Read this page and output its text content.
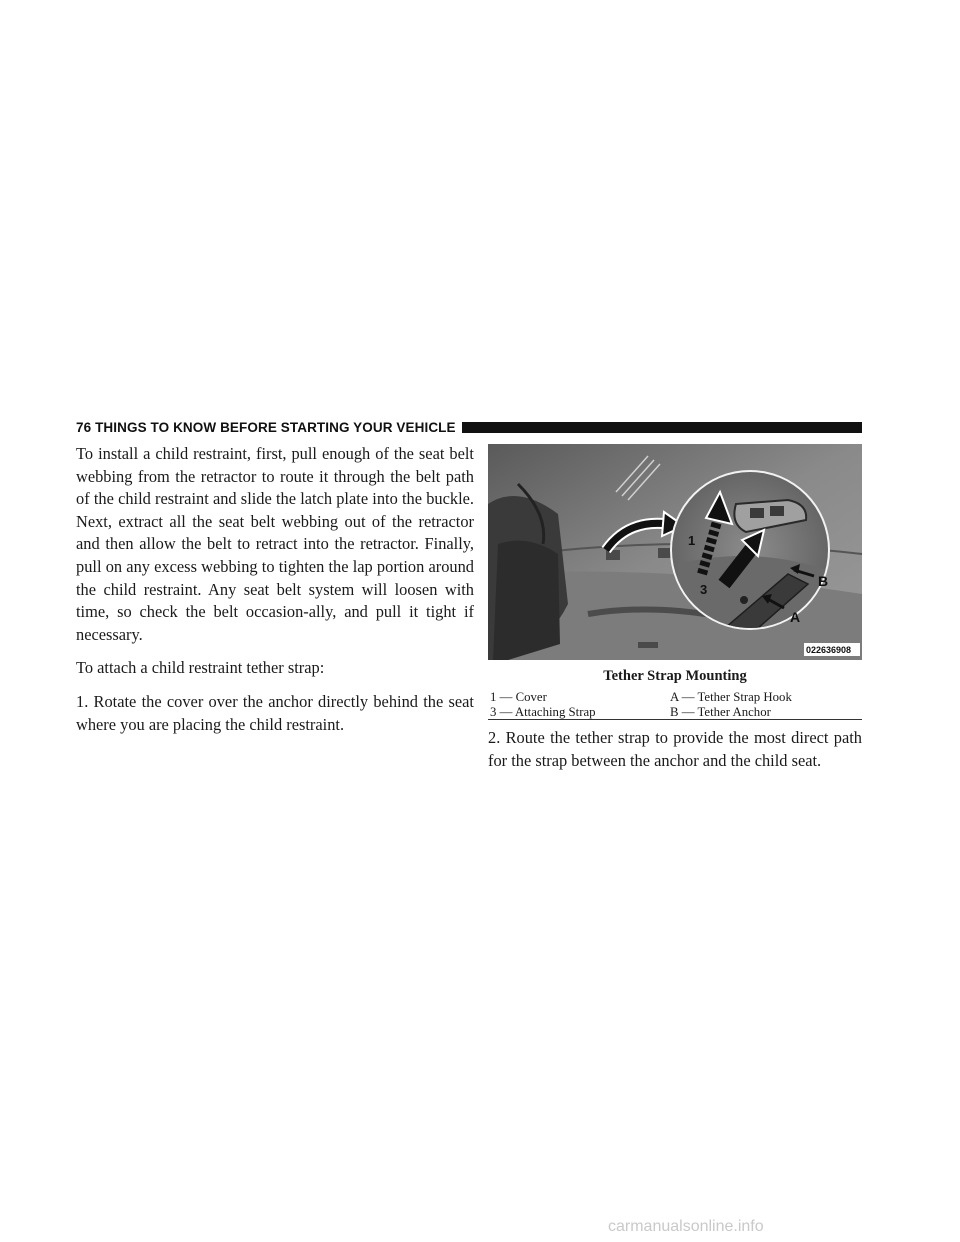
76 THINGS TO KNOW BEFORE STARTING YOUR VEHICLE

To install a child restraint, first, pull enough of the seat belt webbing from the retractor to route it through the belt path of the child restraint and slide the latch plate into the buckle. Next, extract all the seat belt webbing out of the retractor and then allow the belt to retract into the retractor. Finally, pull on any excess webbing to tighten the lap portion around the child restraint. Any seat belt system will loosen with time, so check the belt occasion-ally, and pull it tight if necessary.

To attach a child restraint tether strap:

1. Rotate the cover over the anchor directly behind the seat where you are placing the child restraint.

1
3
B
A
022636908
Tether Strap Mounting
1 — Cover	A — Tether Strap Hook
3 — Attaching Strap	B — Tether Anchor

2. Route the tether strap to provide the most direct path for the strap between the anchor and the child seat.

carmanualsonline.info
